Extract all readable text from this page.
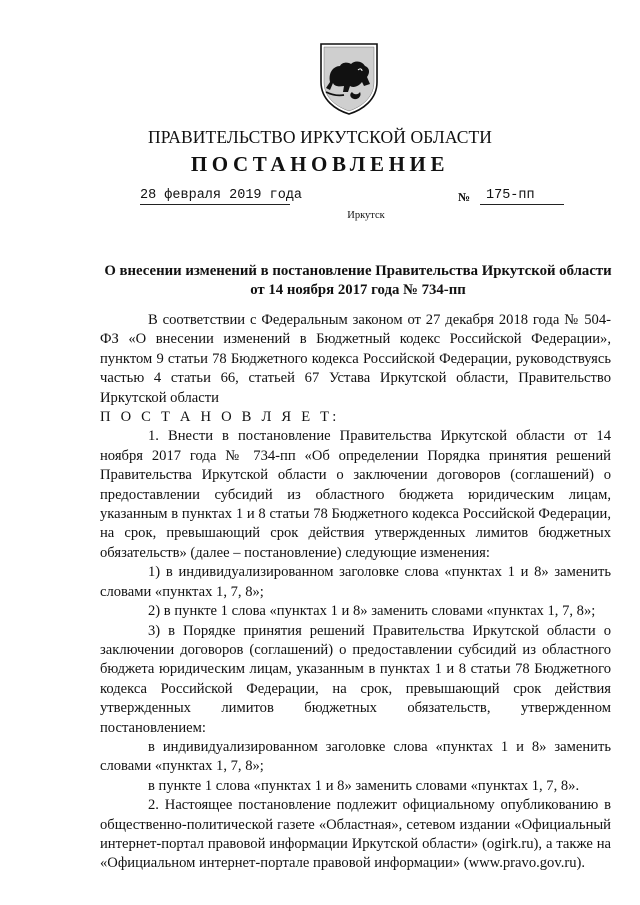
ПРАВИТЕЛЬСТВО ИРКУТСКОЙ ОБЛАСТИ
ПОСТАНОВЛЕНИЕ
28 февраля 2019 года	№	175-пп
Иркутск
О внесении изменений в постановление Правительства Иркутской области от 14 ноября 2017 года № 734-пп

В соответствии с Федеральным законом от 27 декабря 2018 года № 504-ФЗ «О внесении изменений в Бюджетный кодекс Российской Федерации», пунктом 9 статьи 78 Бюджетного кодекса Российской Федерации, руководствуясь частью 4 статьи 66, статьей 67 Устава Иркутской области, Правительство Иркутской области

П О С Т А Н О В Л Я Е Т:

1. Внести в постановление Правительства Иркутской области от 14 ноября 2017 года № 734-пп «Об определении Порядка принятия решений Правительства Иркутской области о заключении договоров (соглашений) о предоставлении субсидий из областного бюджета юридическим лицам, указанным в пунктах 1 и 8 статьи 78 Бюджетного кодекса Российской Федерации, на срок, превышающий срок действия утвержденных лимитов бюджетных обязательств» (далее – постановление) следующие изменения:

1) в индивидуализированном заголовке слова «пунктах 1 и 8» заменить словами «пунктах 1, 7, 8»;

2) в пункте 1 слова «пунктах 1 и 8» заменить словами «пунктах 1, 7, 8»;

3) в Порядке принятия решений Правительства Иркутской области о заключении договоров (соглашений) о предоставлении субсидий из областного бюджета юридическим лицам, указанным в пунктах 1 и 8 статьи 78 Бюджетного кодекса Российской Федерации, на срок, превышающий срок действия утвержденных лимитов бюджетных обязательств, утвержденном постановлением:

в индивидуализированном заголовке слова «пунктах 1 и 8» заменить словами «пунктах 1, 7, 8»;

в пункте 1 слова «пунктах 1 и 8» заменить словами «пунктах 1, 7, 8».

2. Настоящее постановление подлежит официальному опубликованию в общественно-политической газете «Областная», сетевом издании «Официальный интернет-портал правовой информации Иркутской области» (ogirk.ru), а также на «Официальном интернет-портале правовой информации» (www.pravo.gov.ru).
